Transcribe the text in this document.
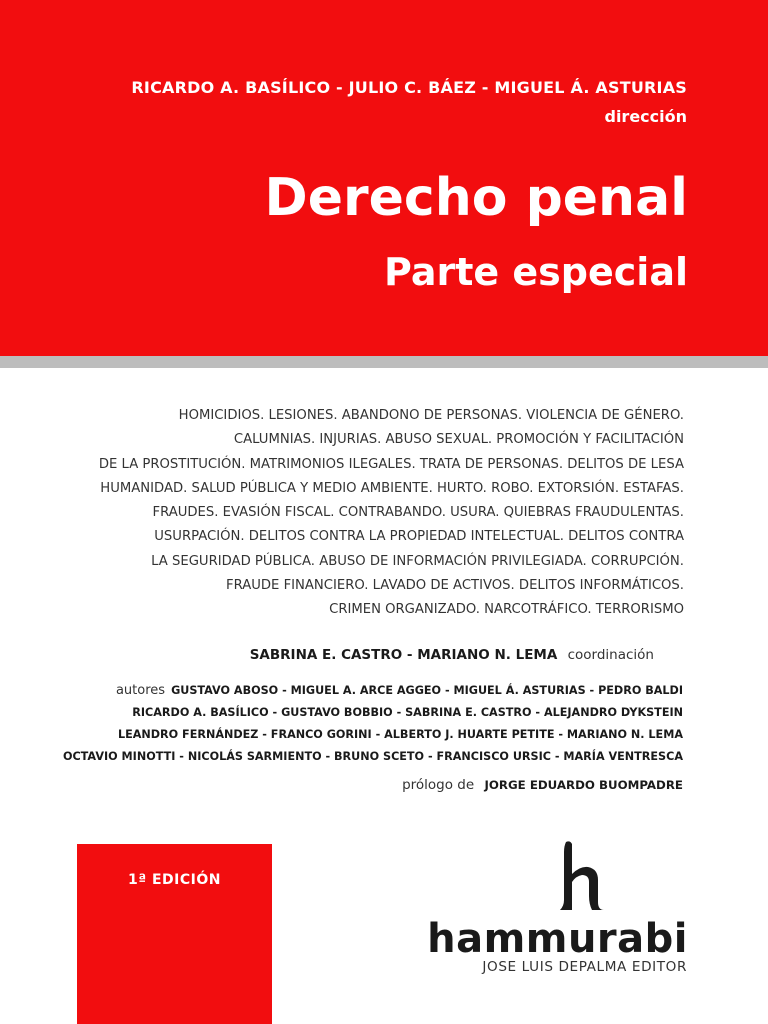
RICARDO A. BASÍLICO - JULIO C. BÁEZ - MIGUEL Á. ASTURIAS
dirección
Derecho penal
Parte especial
HOMICIDIOS. LESIONES. ABANDONO DE PERSONAS. VIOLENCIA DE GÉNERO.
CALUMNIAS. INJURIAS. ABUSO SEXUAL. PROMOCIÓN Y FACILITACIÓN
DE LA PROSTITUCIÓN. MATRIMONIOS ILEGALES. TRATA DE PERSONAS. DELITOS DE LESA
HUMANIDAD. SALUD PÚBLICA Y MEDIO AMBIENTE. HURTO. ROBO. EXTORSIÓN. ESTAFAS.
FRAUDES. EVASIÓN FISCAL. CONTRABANDO. USURA. QUIEBRAS FRAUDULENTAS.
USURPACIÓN. DELITOS CONTRA LA PROPIEDAD INTELECTUAL. DELITOS CONTRA
LA SEGURIDAD PÚBLICA. ABUSO DE INFORMACIÓN PRIVILEGIADA. CORRUPCIÓN.
FRAUDE FINANCIERO. LAVADO DE ACTIVOS. DELITOS INFORMÁTICOS.
CRIMEN ORGANIZADO. NARCOTRÁFICO. TERRORISMO
SABRINA E. CASTRO - MARIANO N. LEMA coordinación
autores GUSTAVO ABOSO - MIGUEL A. ARCE AGGEO - MIGUEL Á. ASTURIAS - PEDRO BALDI
RICARDO A. BASÍLICO - GUSTAVO BOBBIO - SABRINA E. CASTRO - ALEJANDRO DYKSTEIN
LEANDRO FERNÁNDEZ - FRANCO GORINI - ALBERTO J. HUARTE PETITE - MARIANO N. LEMA
OCTAVIO MINOTTI - NICOLÁS SARMIENTO - BRUNO SCETO - FRANCISCO URSIC - MARÍA VENTRESCA
prólogo de JORGE EDUARDO BUOMPADRE
1ª EDICIÓN
hammurabi
JOSE LUIS DEPALMA EDITOR
